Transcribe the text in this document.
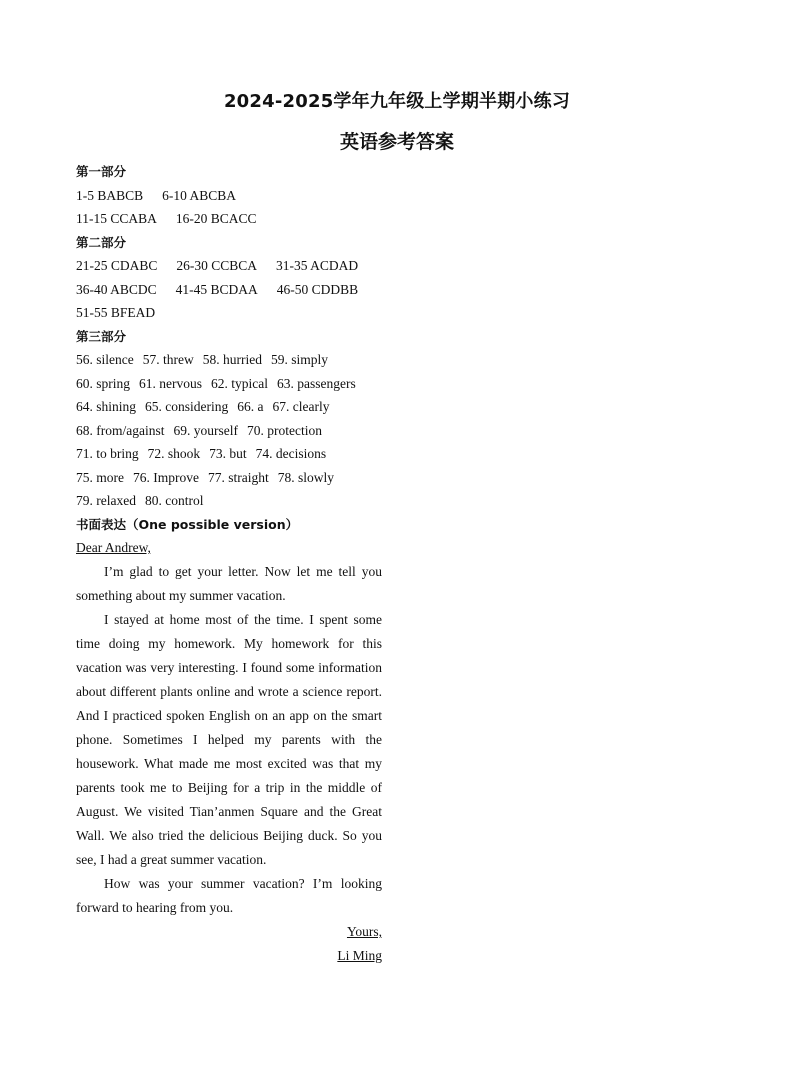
2024-2025学年九年级上学期半期小练习
英语参考答案
第一部分
1-5 BABCB 6-10 ABCBA
11-15 CCABA 16-20 BCACC
第二部分
21-25 CDABC 26-30 CCBCA 31-35 ACDAD
36-40 ABCDC 41-45 BCDAA 46-50 CDDBB
51-55 BFEAD
第三部分
56. silence 57. threw 58. hurried 59. simply
60. spring 61. nervous 62. typical 63. passengers
64. shining 65. considering 66. a 67. clearly
68. from/against 69. yourself 70. protection
71. to bring 72. shook 73. but 74. decisions
75. more 76. Improve 77. straight 78. slowly
79. relaxed 80. control
书面表达（One possible version）
Dear Andrew,

I’m glad to get your letter. Now let me tell you something about my summer vacation.

I stayed at home most of the time. I spent some time doing my homework. My homework for this vacation was very interesting. I found some information about different plants online and wrote a science report. And I practiced spoken English on an app on the smart phone. Sometimes I helped my parents with the housework. What made me most excited was that my parents took me to Beijing for a trip in the middle of August. We visited Tian’anmen Square and the Great Wall. We also tried the delicious Beijing duck. So you see, I had a great summer vacation.

How was your summer vacation? I’m looking forward to hearing from you.

Yours,
Li Ming
